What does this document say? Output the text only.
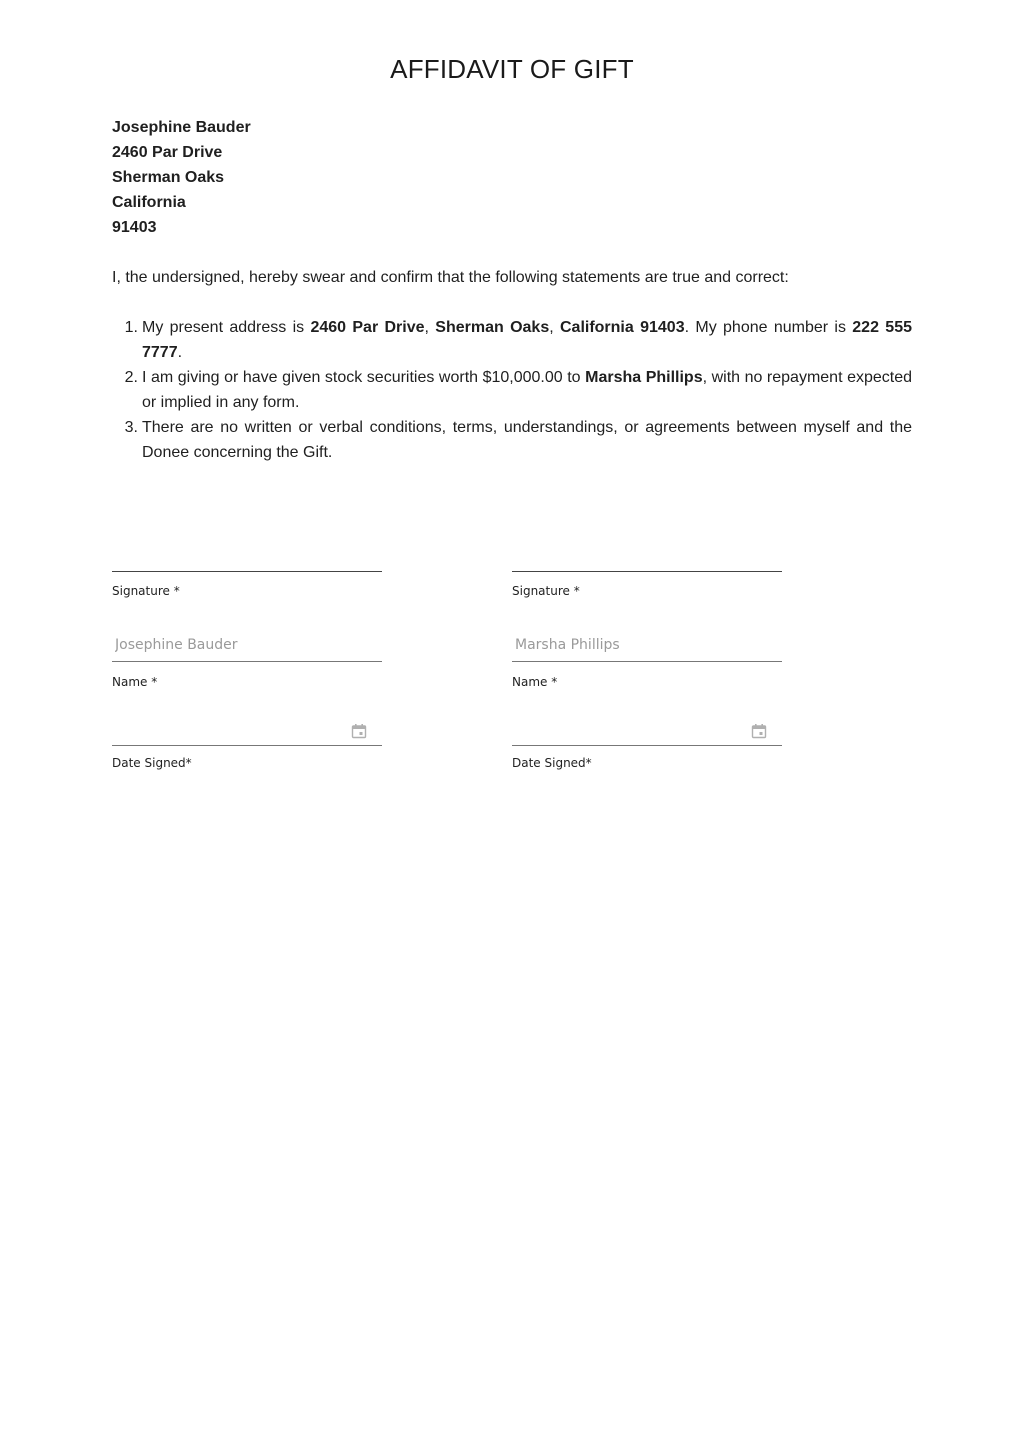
AFFIDAVIT OF GIFT
Josephine Bauder
2460 Par Drive
Sherman Oaks
California
91403
I, the undersigned, hereby swear and confirm that the following statements are true and correct:
1. My present address is 2460 Par Drive, Sherman Oaks, California 91403. My phone number is 222 555 7777.
2. I am giving or have given stock securities worth $10,000.00 to Marsha Phillips, with no repayment expected or implied in any form.
3. There are no written or verbal conditions, terms, understandings, or agreements between myself and the Donee concerning the Gift.
Signature *
Josephine Bauder
Name *
Date Signed*
Signature *
Marsha Phillips
Name *
Date Signed*
